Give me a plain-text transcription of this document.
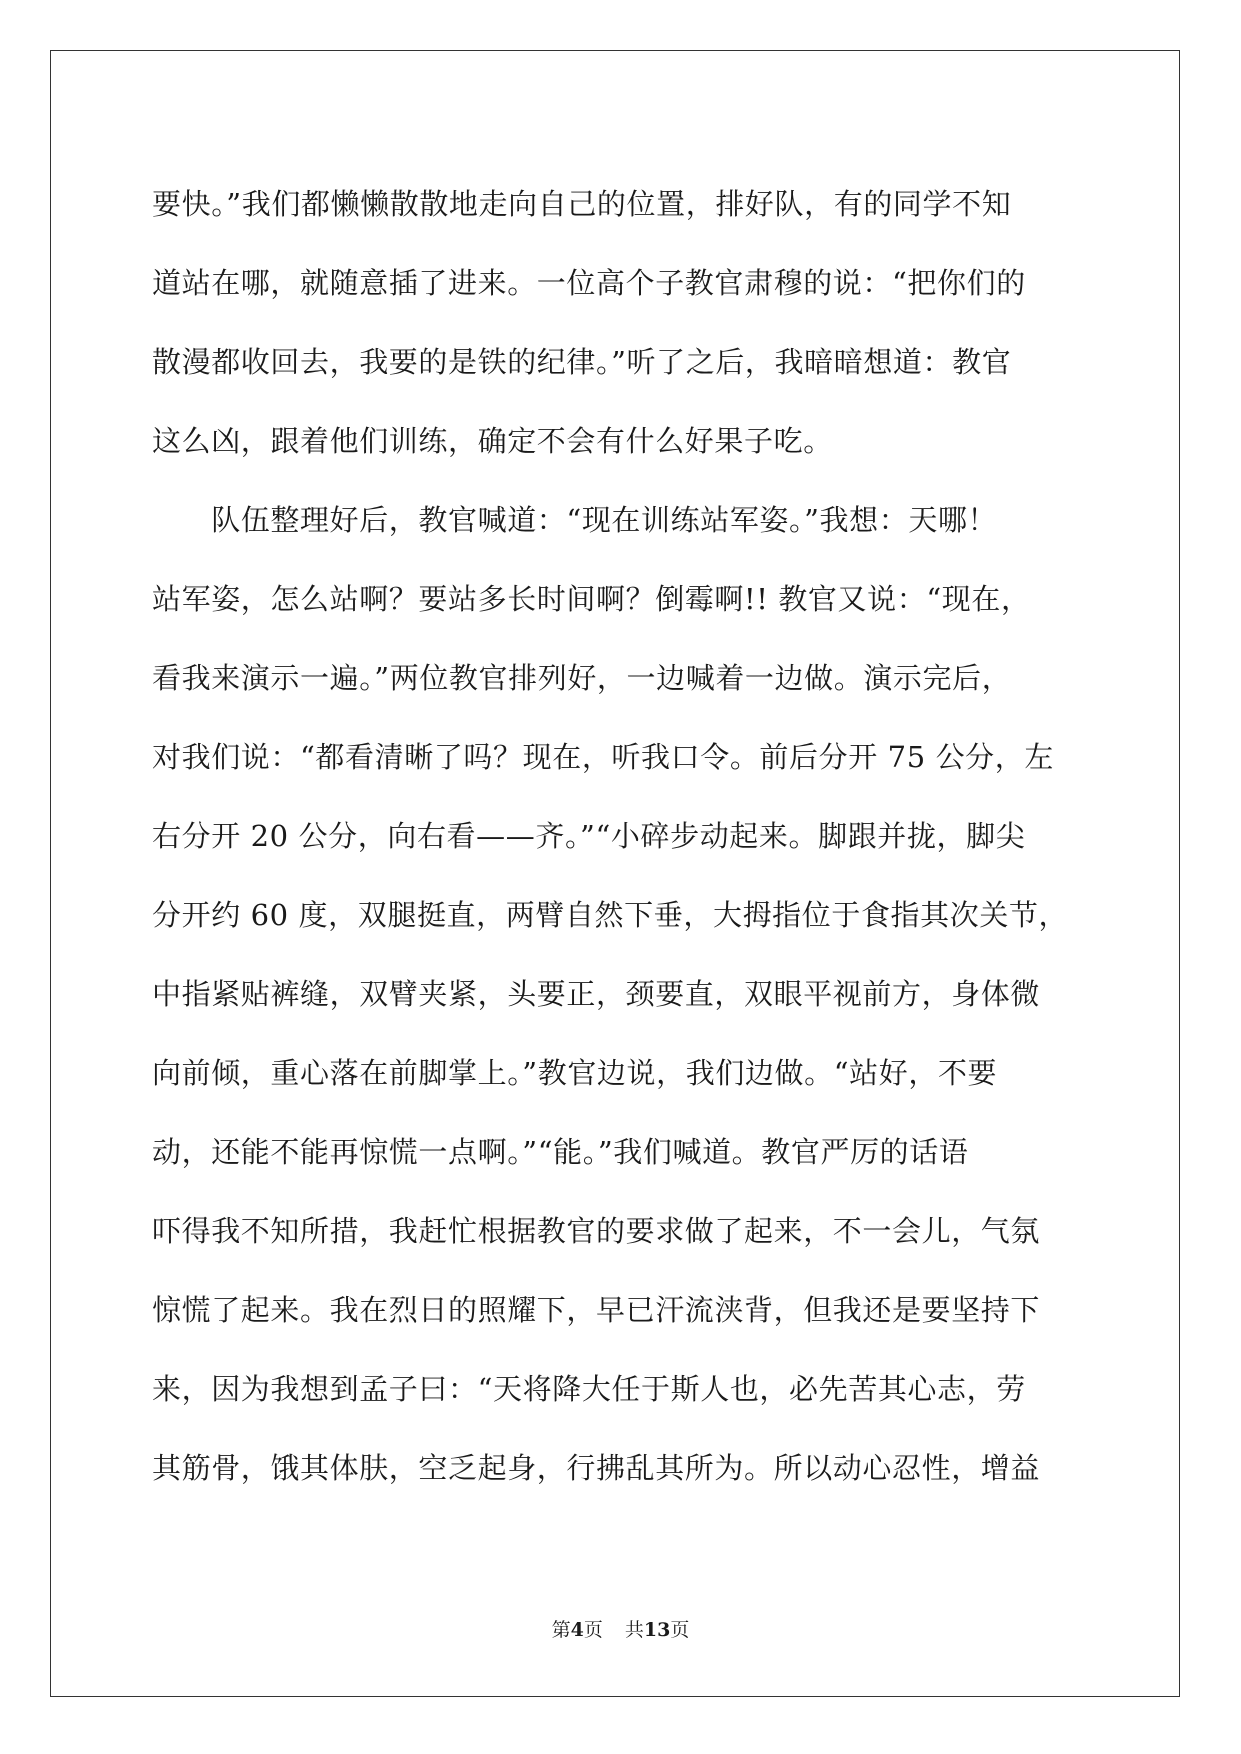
要快。”我们都懒懒散散地走向自己的位置，排好队，有的同学不知
道站在哪，就随意插了进来。一位高个子教官肃穆的说：“把你们的
散漫都收回去，我要的是铁的纪律。”听了之后，我暗暗想道：教官
这么凶，跟着他们训练，确定不会有什么好果子吃。
　　队伍整理好后，教官喊道：“现在训练站军姿。”我想：天哪！
站军姿，怎么站啊？要站多长时间啊？倒霉啊!! 教官又说：“现在，
看我来演示一遍。”两位教官排列好，一边喊着一边做。演示完后，
对我们说：“都看清晰了吗？现在，听我口令。前后分开 75 公分，左
右分开 20 公分，向右看——齐。”“小碎步动起来。脚跟并拢，脚尖
分开约 60 度，双腿挺直，两臂自然下垂，大拇指位于食指其次关节，
中指紧贴裤缝，双臂夹紧，头要正，颈要直，双眼平视前方，身体微
向前倾，重心落在前脚掌上。”教官边说，我们边做。“站好，不要
动，还能不能再惊慌一点啊。”“能。”我们喊道。教官严厉的话语
吓得我不知所措，我赶忙根据教官的要求做了起来，不一会儿，气氛
惊慌了起来。我在烈日的照耀下，早已汗流浃背，但我还是要坚持下
来，因为我想到孟子曰：“天将降大任于斯人也，必先苦其心志，劳
其筋骨，饿其体肤，空乏起身，行拂乱其所为。所以动心忍性，增益
第4页 共13页
